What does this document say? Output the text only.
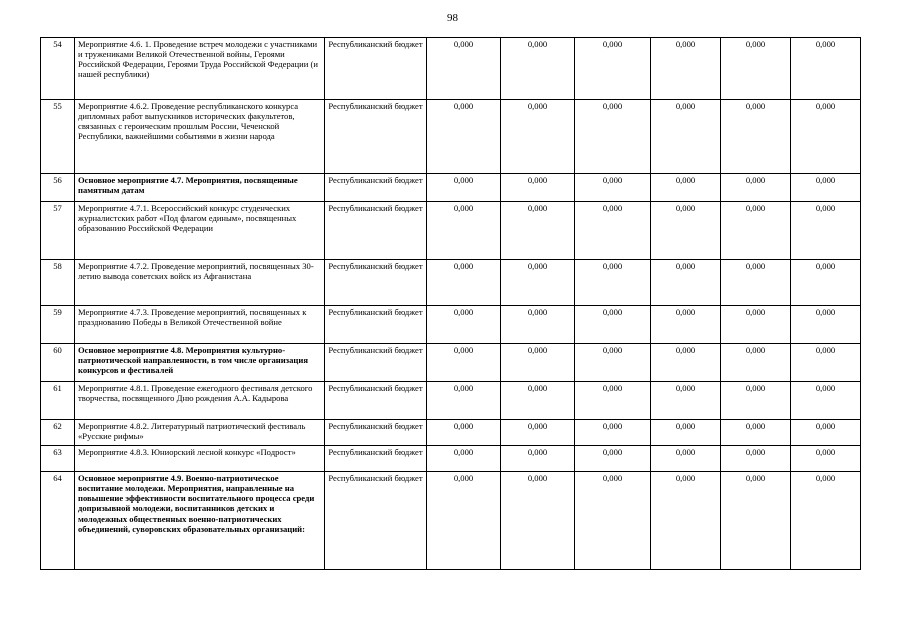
98
54	Мероприятие 4.6. 1. Проведение встреч молодежи с участниками и тружениками Великой Отечественной войны, Героями Российской Федерации, Героями Труда Российской Федерации (и нашей республики)	Республиканский бюджет	0,000	0,000	0,000	0,000	0,000	0,000
55	Мероприятие 4.6.2. Проведение республиканского конкурса дипломных работ выпускников исторических факультетов, связанных с героическим прошлым России, Чеченской Республики, важнейшими событиями в жизни народа	Республиканский бюджет	0,000	0,000	0,000	0,000	0,000	0,000
56	Основное мероприятие 4.7. Мероприятия, посвященные памятным датам	Республиканский бюджет	0,000	0,000	0,000	0,000	0,000	0,000
57	Мероприятие 4.7.1. Всероссийский конкурс студенческих журналистских работ «Под флагом единым», посвященных образованию Российской Федерации	Республиканский бюджет	0,000	0,000	0,000	0,000	0,000	0,000
58	Мероприятие 4.7.2. Проведение мероприятий, посвященных 30-летию вывода советских войск из Афганистана	Республиканский бюджет	0,000	0,000	0,000	0,000	0,000	0,000
59	Мероприятие 4.7.3. Проведение мероприятий, посвященных к празднованию Победы в Великой Отечественной войне	Республиканский бюджет	0,000	0,000	0,000	0,000	0,000	0,000
60	Основное мероприятие 4.8. Мероприятия культурно-патриотической направленности, в том числе организация конкурсов и фестивалей	Республиканский бюджет	0,000	0,000	0,000	0,000	0,000	0,000
61	Мероприятие 4.8.1. Проведение ежегодного фестиваля детского творчества, посвященного Дню рождения А.А. Кадырова	Республиканский бюджет	0,000	0,000	0,000	0,000	0,000	0,000
62	Мероприятие 4.8.2. Литературный патриотический фестиваль «Русские рифмы»	Республиканский бюджет	0,000	0,000	0,000	0,000	0,000	0,000
63	Мероприятие 4.8.3. Юниорский лесной конкурс «Подрост»	Республиканский бюджет	0,000	0,000	0,000	0,000	0,000	0,000
64	Основное мероприятие 4.9. Военно-патриотическое воспитание молодежи. Мероприятия, направленные на повышение эффективности воспитательного процесса среди допризывной молодежи, воспитанников детских и молодежных общественных военно-патриотических объединений, суворовских образовательных организаций:	Республиканский бюджет	0,000	0,000	0,000	0,000	0,000	0,000
